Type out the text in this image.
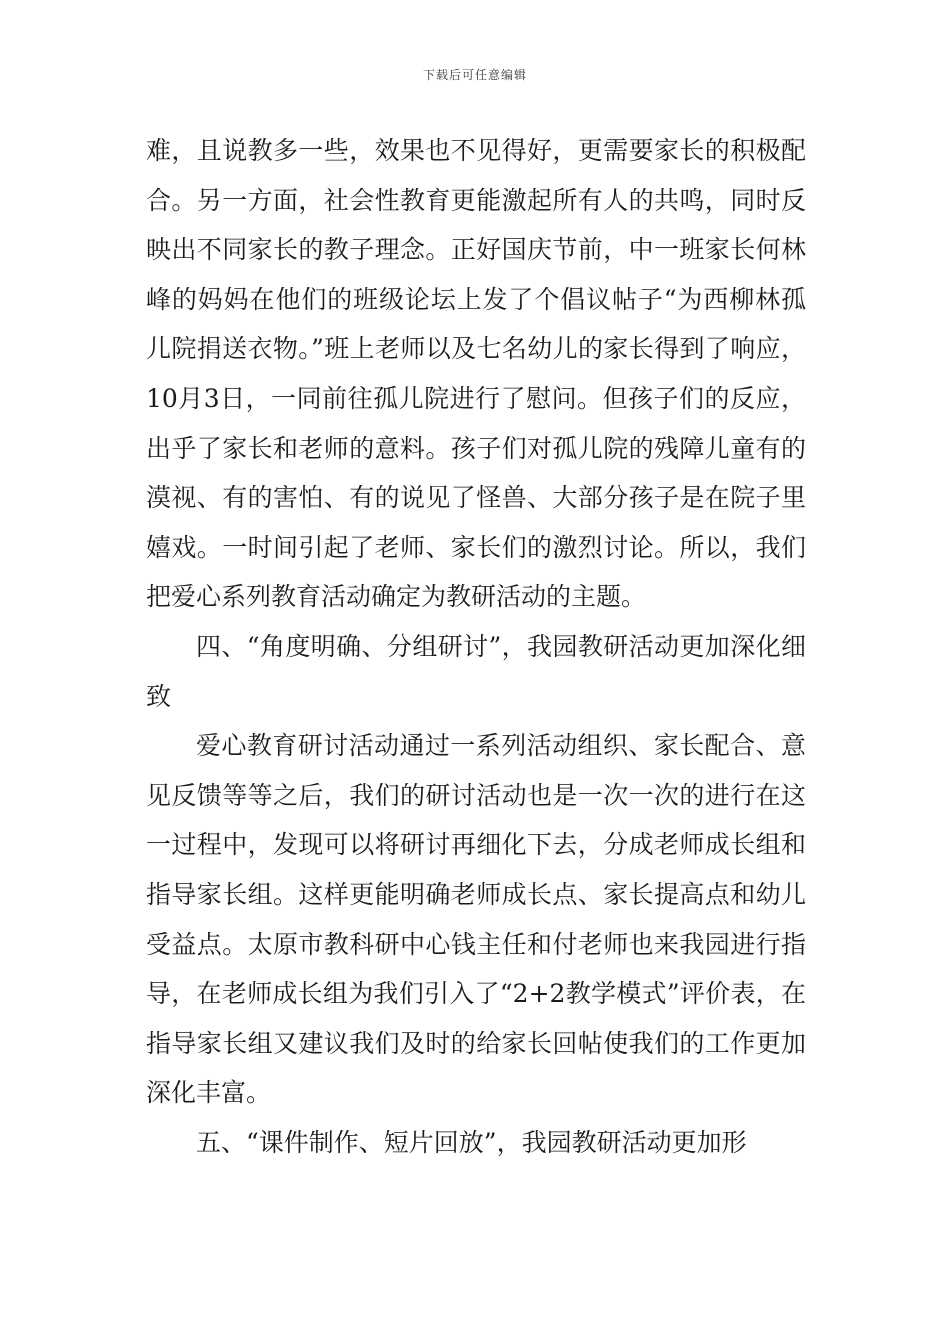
下载后可任意编辑

难，且说教多一些，效果也不见得好，更需要家长的积极配合。另一方面，社会性教育更能激起所有人的共鸣，同时反映出不同家长的教子理念。正好国庆节前，中一班家长何林峰的妈妈在他们的班级论坛上发了个倡议帖子“为西柳林孤儿院捐送衣物。”班上老师以及七名幼儿的家长得到了响应，10月3日，一同前往孤儿院进行了慰问。但孩子们的反应，出乎了家长和老师的意料。孩子们对孤儿院的残障儿童有的漠视、有的害怕、有的说见了怪兽、大部分孩子是在院子里嬉戏。一时间引起了老师、家长们的激烈讨论。所以，我们把爱心系列教育活动确定为教研活动的主题。

四、“角度明确、分组研讨”，我园教研活动更加深化细致

爱心教育研讨活动通过一系列活动组织、家长配合、意见反馈等等之后，我们的研讨活动也是一次一次的进行在这一过程中，发现可以将研讨再细化下去，分成老师成长组和指导家长组。这样更能明确老师成长点、家长提高点和幼儿受益点。太原市教科研中心钱主任和付老师也来我园进行指导，在老师成长组为我们引入了“2+2教学模式”评价表，在指导家长组又建议我们及时的给家长回帖使我们的工作更加深化丰富。

五、“课件制作、短片回放”，我园教研活动更加形
